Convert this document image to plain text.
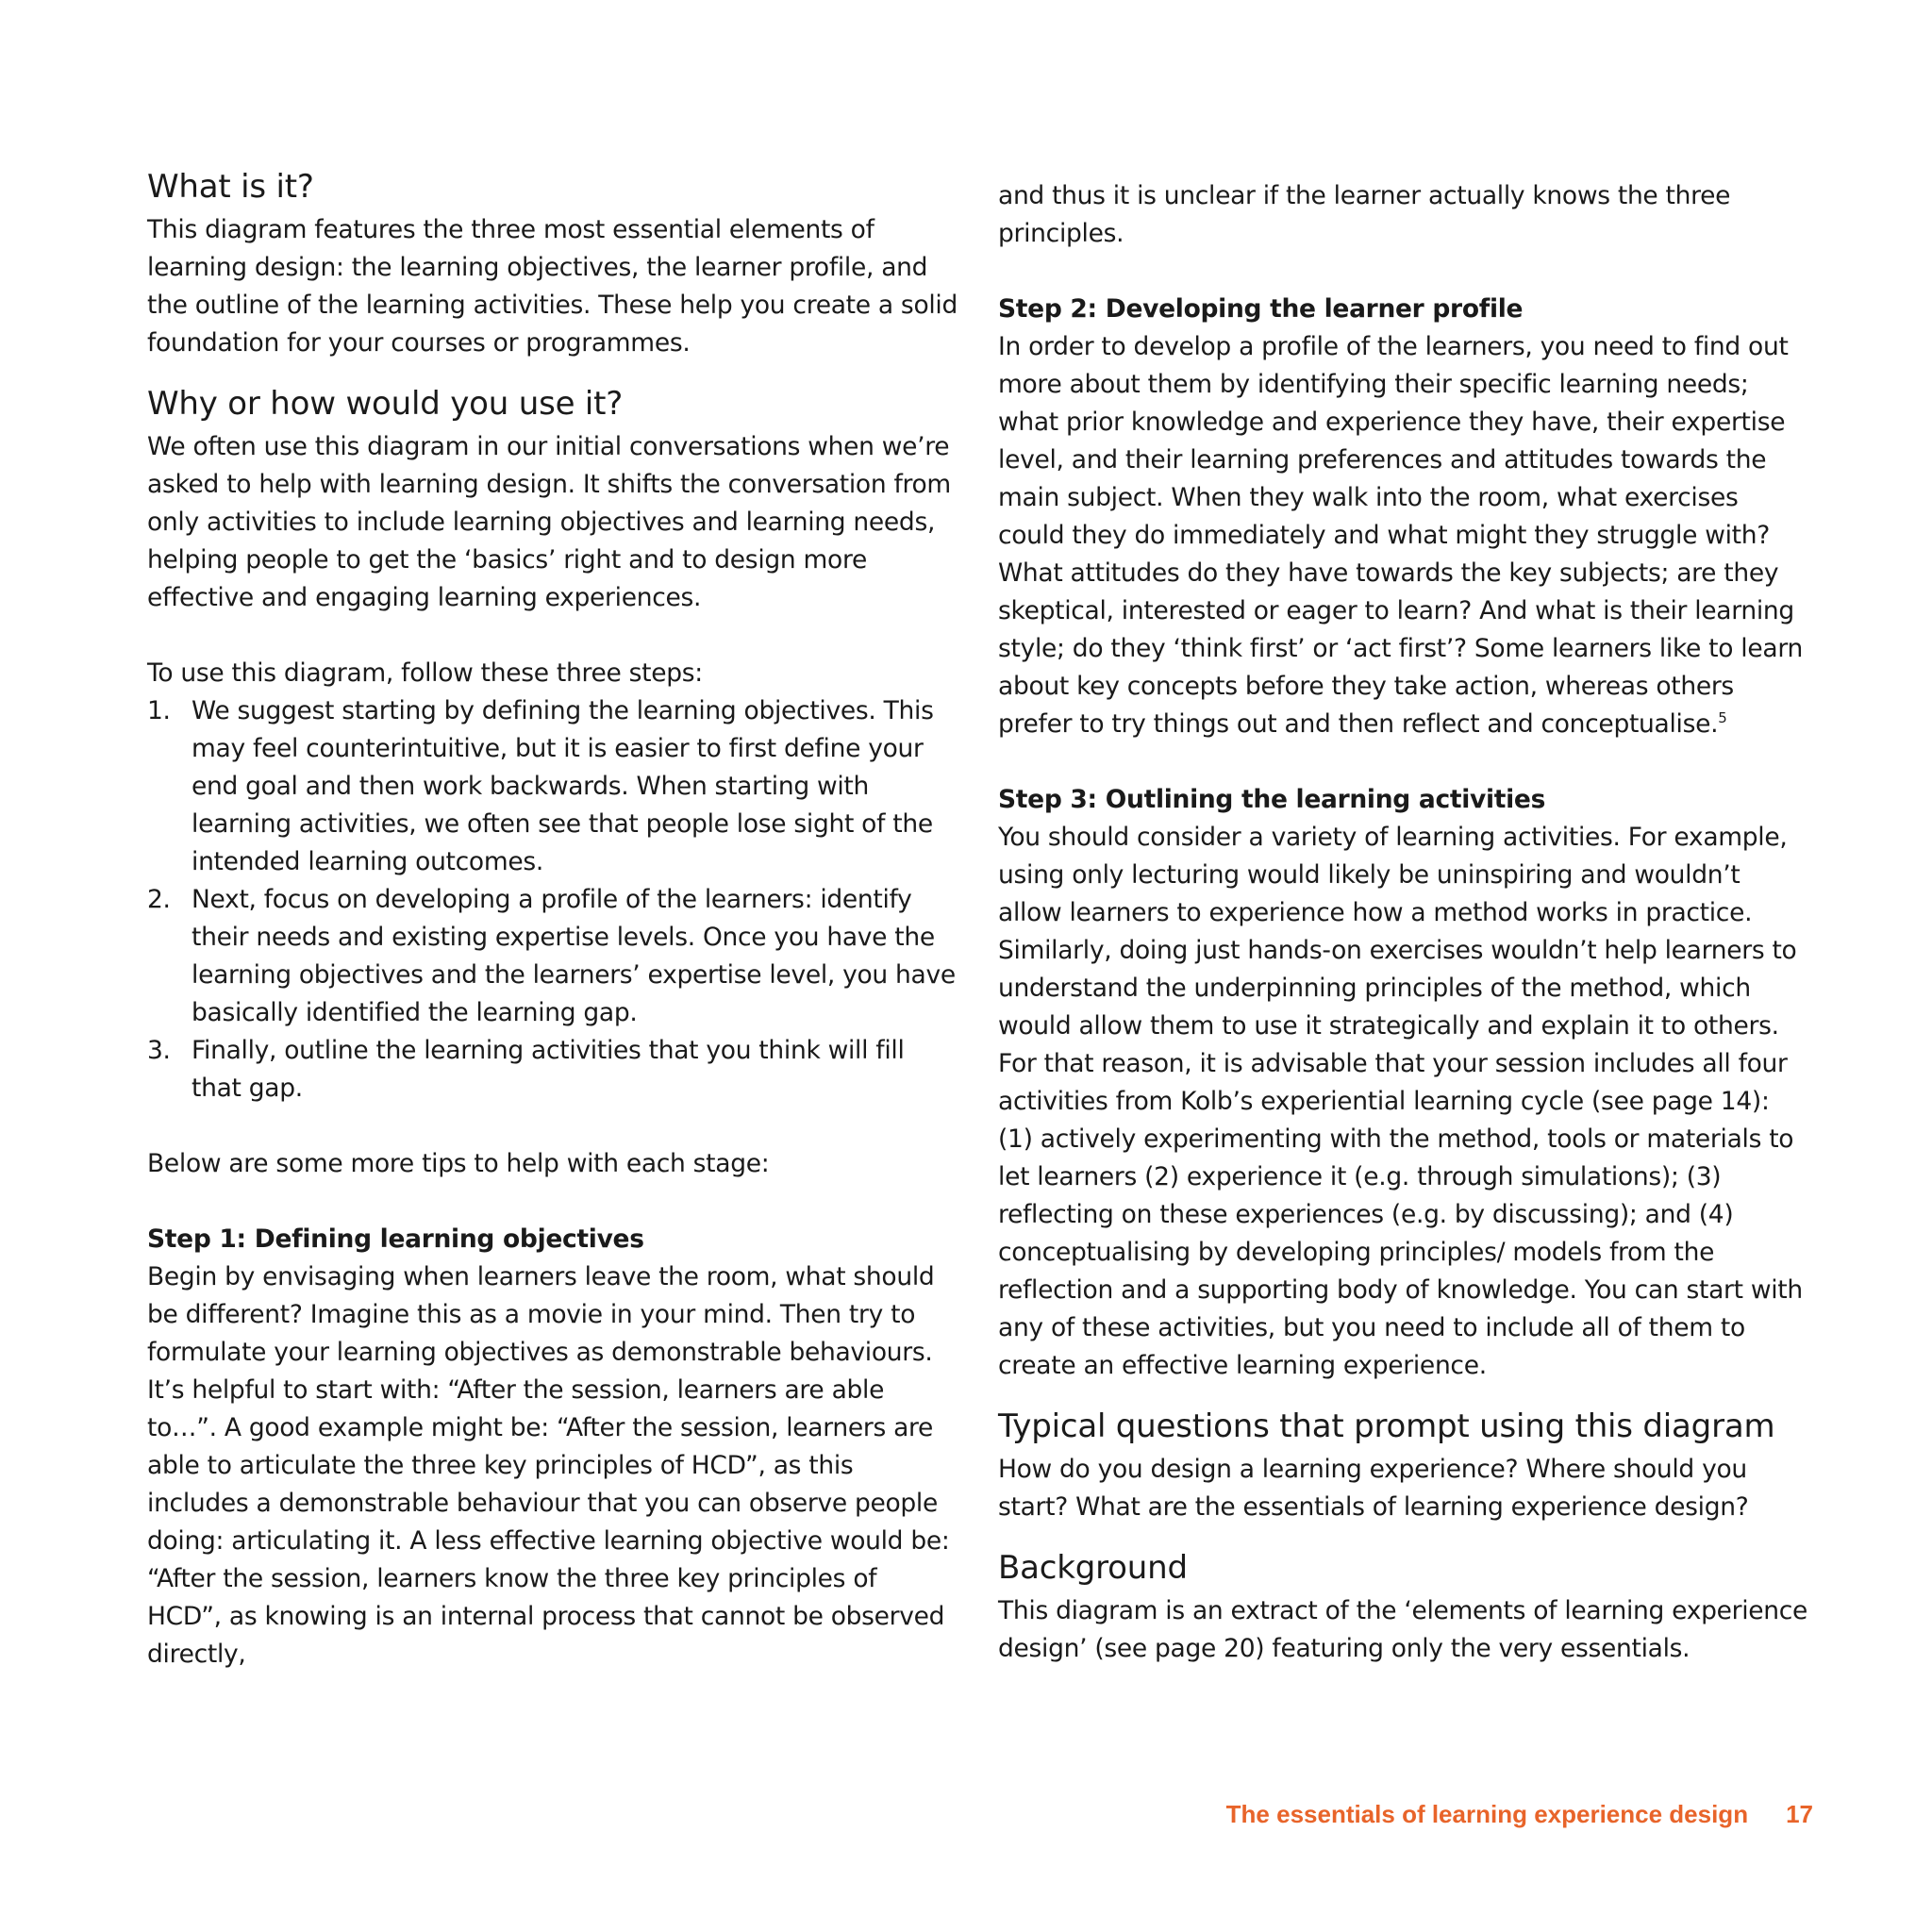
What is it?

This diagram features the three most essential elements of learning design: the learning objectives, the learner profile, and the outline of the learning activities. These help you create a solid foundation for your courses or programmes.

Why or how would you use it?

We often use this diagram in our initial conversations when we’re asked to help with learning design. It shifts the conversation from only activities to include learning objectives and learning needs, helping people to get the ‘basics’ right and to design more effective and engaging learning experiences.

To use this diagram, follow these three steps:

1. We suggest starting by defining the learning objectives. This may feel counterintuitive, but it is easier to first define your end goal and then work backwards. When starting with learning activities, we often see that people lose sight of the intended learning outcomes.
2. Next, focus on developing a profile of the learners: identify their needs and existing expertise levels. Once you have the learning objectives and the learners’ expertise level, you have basically identified the learning gap.
3. Finally, outline the learning activities that you think will fill that gap.

Below are some more tips to help with each stage:

Step 1: Defining learning objectives

Begin by envisaging when learners leave the room, what should be different? Imagine this as a movie in your mind. Then try to formulate your learning objectives as demonstrable behaviours. It’s helpful to start with: “After the session, learners are able to…”. A good example might be: “After the session, learners are able to articulate the three key principles of HCD”, as this includes a demonstrable behaviour that you can observe people doing: articulating it. A less effective learning objective would be: “After the session, learners know the three key principles of HCD”, as knowing is an internal process that cannot be observed directly,

and thus it is unclear if the learner actually knows the three principles.

Step 2: Developing the learner profile

In order to develop a profile of the learners, you need to find out more about them by identifying their specific learning needs; what prior knowledge and experience they have, their expertise level, and their learning preferences and attitudes towards the main subject. When they walk into the room, what exercises could they do immediately and what might they struggle with? What attitudes do they have towards the key subjects; are they skeptical, interested or eager to learn? And what is their learning style; do they ‘think first’ or ‘act first’? Some learners like to learn about key concepts before they take action, whereas others prefer to try things out and then reflect and conceptualise.$^5$

Step 3: Outlining the learning activities

You should consider a variety of learning activities. For example, using only lecturing would likely be uninspiring and wouldn’t allow learners to experience how a method works in practice. Similarly, doing just hands-on exercises wouldn’t help learners to understand the underpinning principles of the method, which would allow them to use it strategically and explain it to others. For that reason, it is advisable that your session includes all four activities from Kolb’s experiential learning cycle (see page 14): (1) actively experimenting with the method, tools or materials to let learners (2) experience it (e.g. through simulations); (3) reflecting on these experiences (e.g. by discussing); and (4) conceptualising by developing principles/ models from the reflection and a supporting body of knowledge. You can start with any of these activities, but you need to include all of them to create an effective learning experience.

Typical questions that prompt using this diagram

How do you design a learning experience? Where should you start? What are the essentials of learning experience design?

Background

This diagram is an extract of the ‘elements of learning experience design’ (see page 20) featuring only the very essentials.

The essentials of learning experience design 17
